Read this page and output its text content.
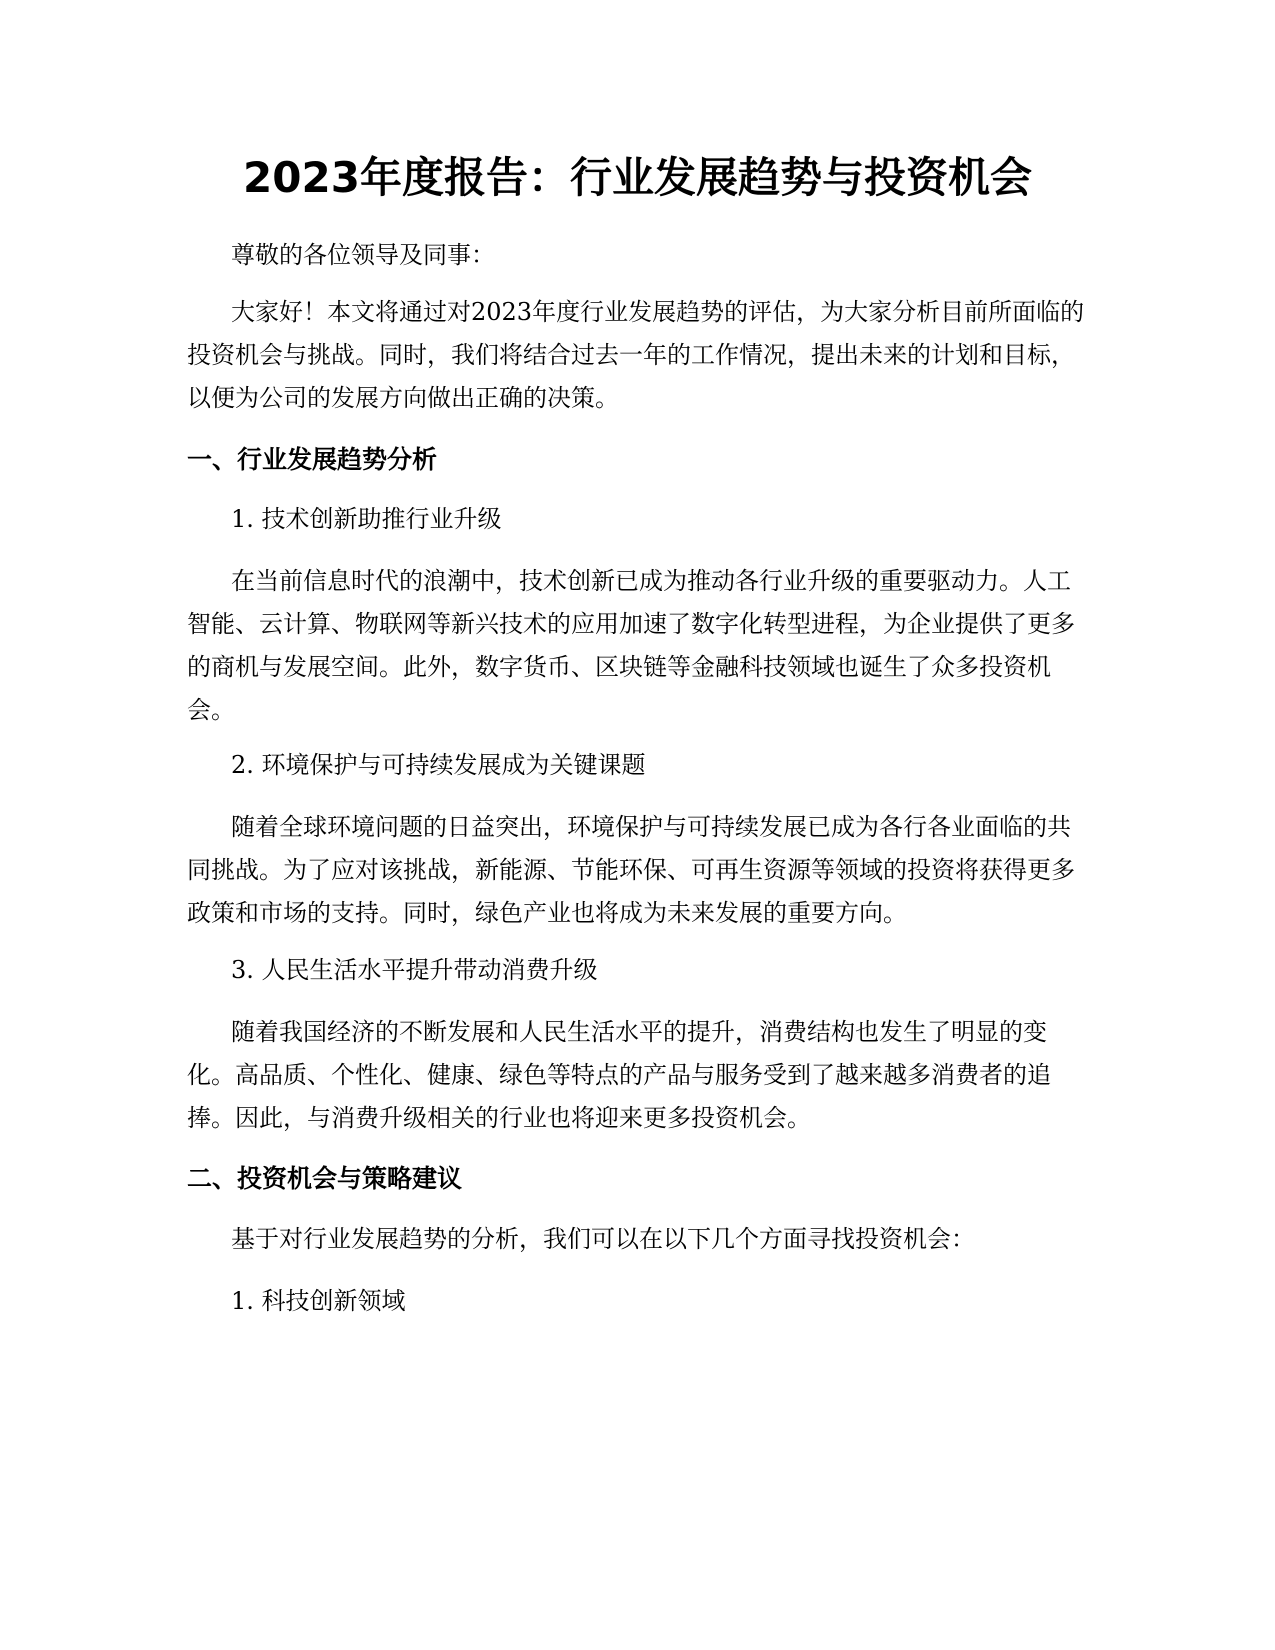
2023年度报告：行业发展趋势与投资机会

尊敬的各位领导及同事：

大家好！本文将通过对2023年度行业发展趋势的评估，为大家分析目前所面临的投资机会与挑战。同时，我们将结合过去一年的工作情况，提出未来的计划和目标，以便为公司的发展方向做出正确的决策。

一、行业发展趋势分析

1. 技术创新助推行业升级

在当前信息时代的浪潮中，技术创新已成为推动各行业升级的重要驱动力。人工智能、云计算、物联网等新兴技术的应用加速了数字化转型进程，为企业提供了更多的商机与发展空间。此外，数字货币、区块链等金融科技领域也诞生了众多投资机会。

2. 环境保护与可持续发展成为关键课题

随着全球环境问题的日益突出，环境保护与可持续发展已成为各行各业面临的共同挑战。为了应对该挑战，新能源、节能环保、可再生资源等领域的投资将获得更多政策和市场的支持。同时，绿色产业也将成为未来发展的重要方向。

3. 人民生活水平提升带动消费升级

随着我国经济的不断发展和人民生活水平的提升，消费结构也发生了明显的变化。高品质、个性化、健康、绿色等特点的产品与服务受到了越来越多消费者的追捧。因此，与消费升级相关的行业也将迎来更多投资机会。

二、投资机会与策略建议

基于对行业发展趋势的分析，我们可以在以下几个方面寻找投资机会：

1. 科技创新领域
